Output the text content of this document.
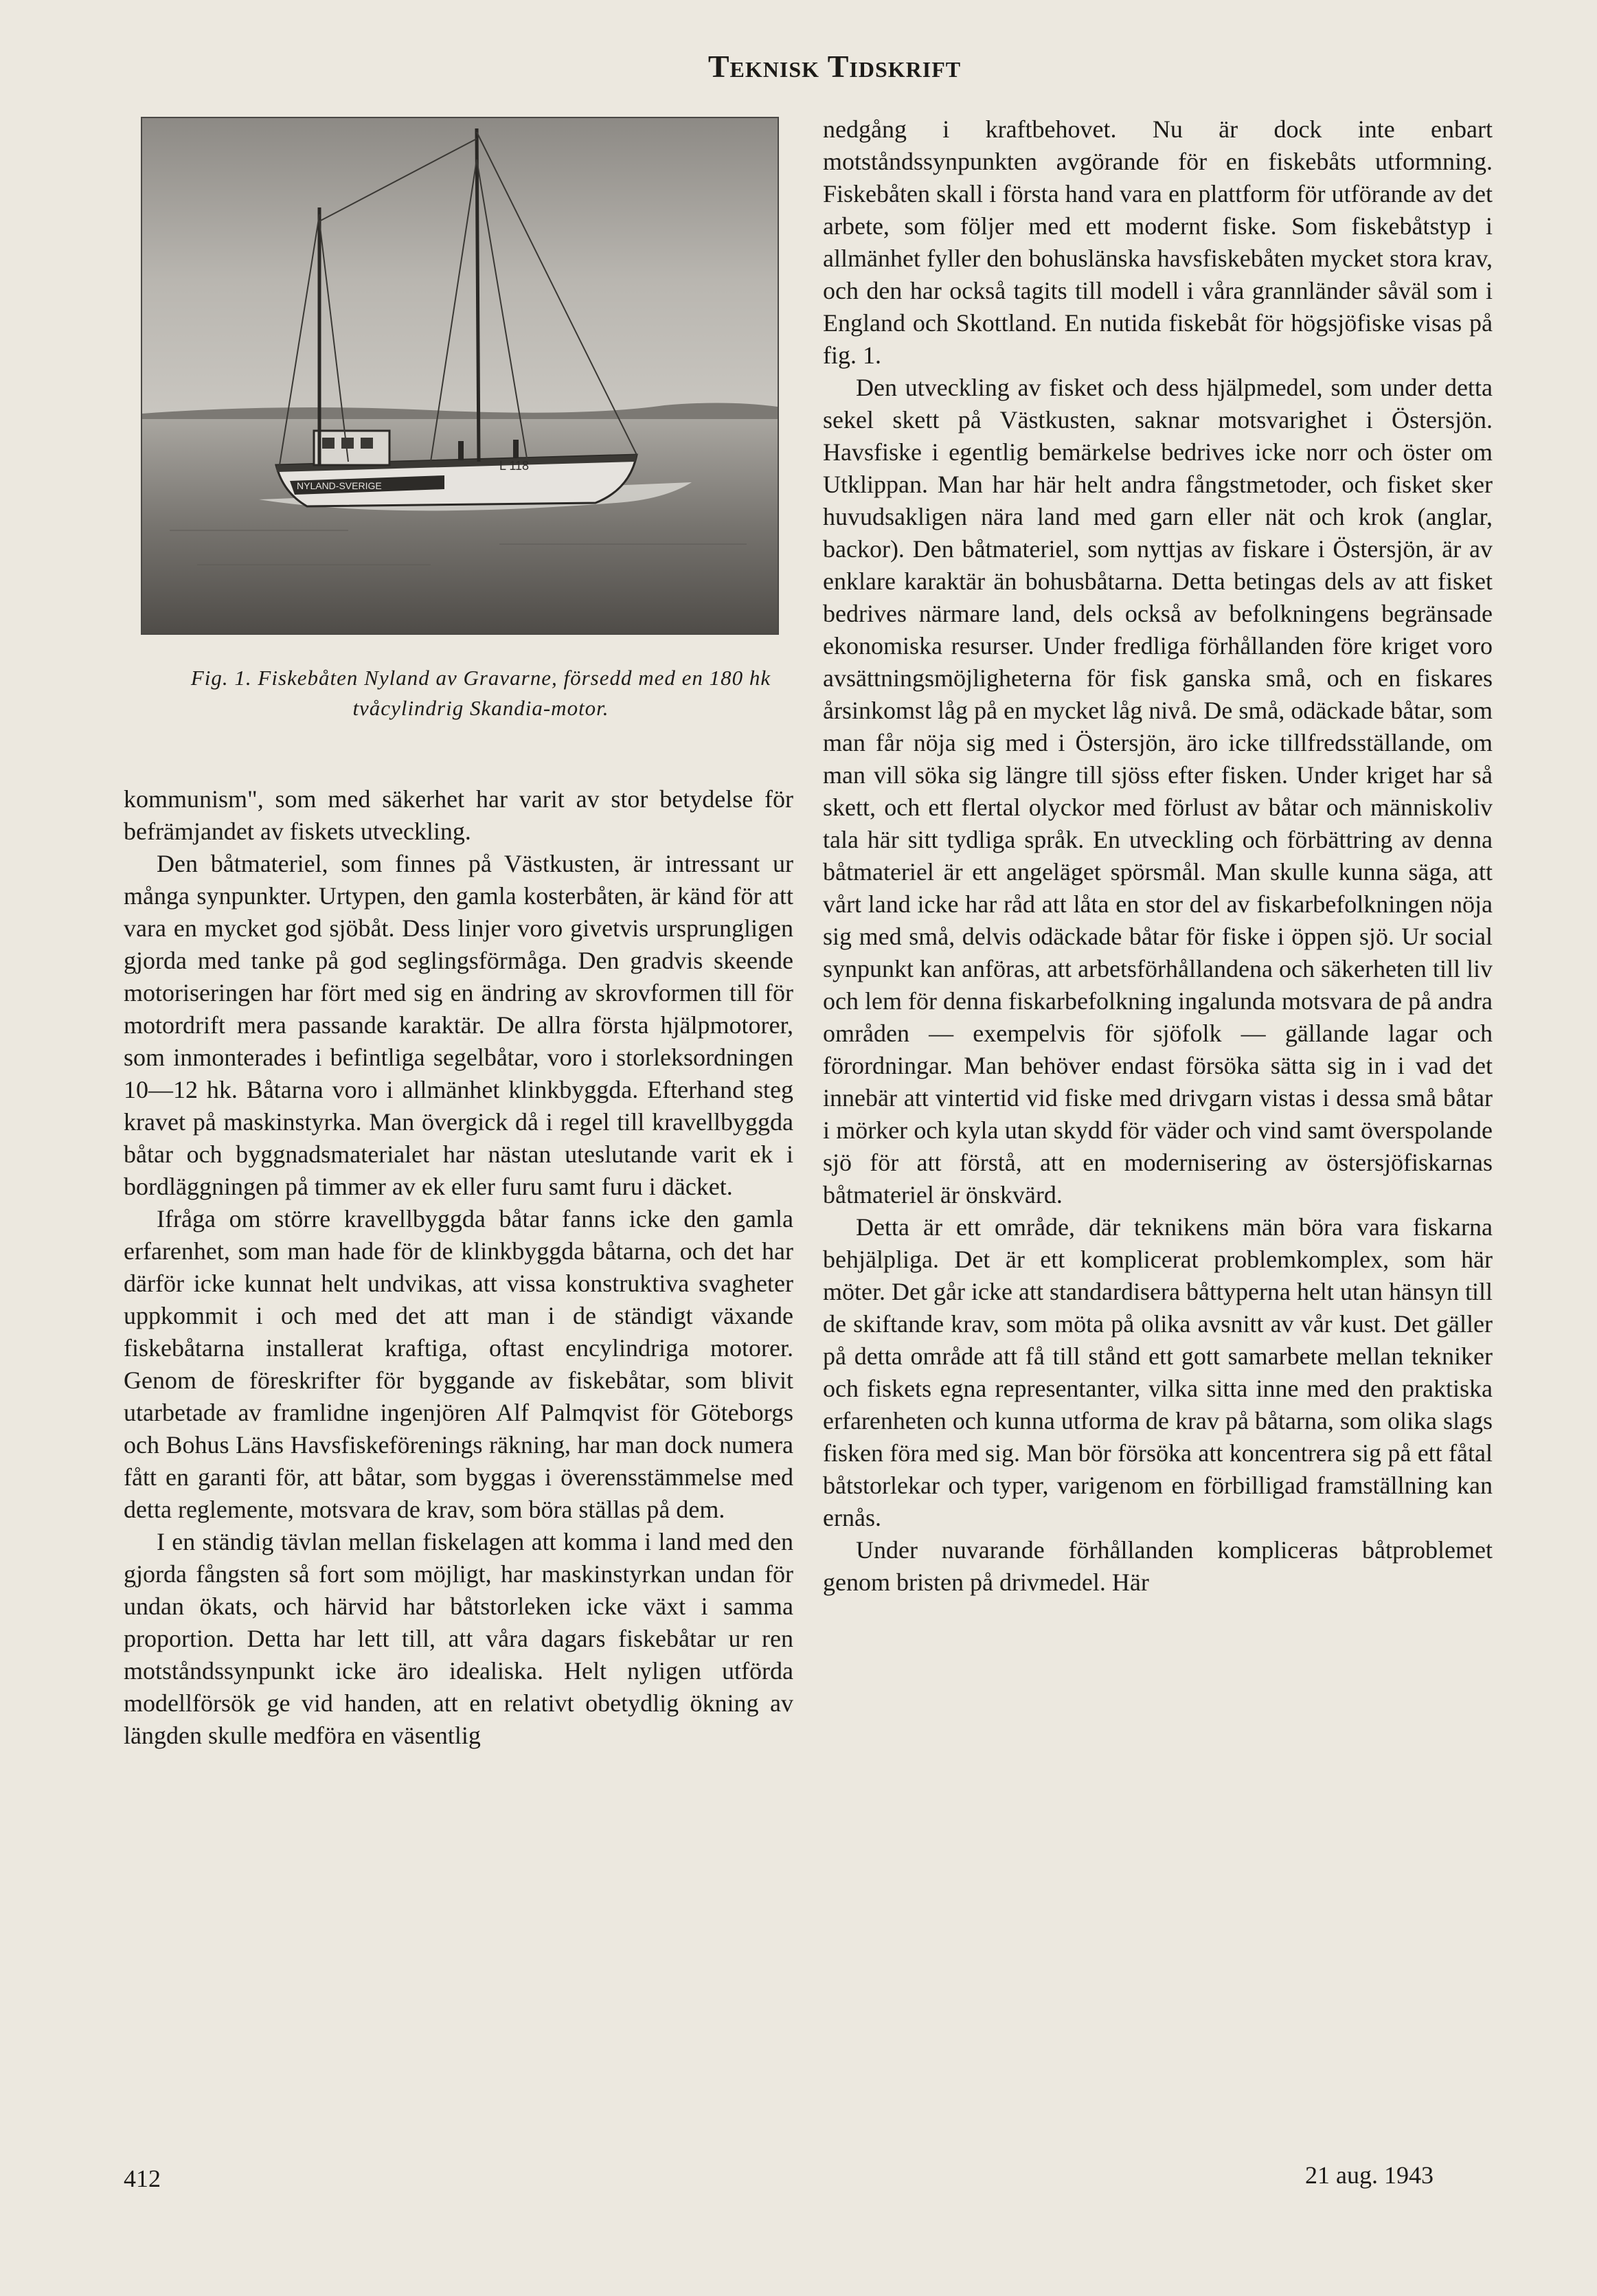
Teknisk Tidskrift
NYLAND-SVERIGE
L 118
Fig. 1. Fiskebåten Nyland av Gravarne, försedd med en 180 hk tvåcylindrig Skandia-motor.

kommunism", som med säkerhet har varit av stor betydelse för befrämjandet av fiskets utveckling.

Den båtmateriel, som finnes på Västkusten, är intressant ur många synpunkter. Urtypen, den gamla kosterbåten, är känd för att vara en mycket god sjöbåt. Dess linjer voro givetvis ursprungligen gjorda med tanke på god seglingsförmåga. Den gradvis skeende motoriseringen har fört med sig en ändring av skrovformen till för motordrift mera passande karaktär. De allra första hjälpmotorer, som inmonterades i befintliga segelbåtar, voro i storleksordningen 10—12 hk. Båtarna voro i allmänhet klinkbyggda. Efterhand steg kravet på maskinstyrka. Man övergick då i regel till kravellbyggda båtar och byggnadsmaterialet har nästan uteslutande varit ek i bordläggningen på timmer av ek eller furu samt furu i däcket.

Ifråga om större kravellbyggda båtar fanns icke den gamla erfarenhet, som man hade för de klinkbyggda båtarna, och det har därför icke kunnat helt undvikas, att vissa konstruktiva svagheter uppkommit i och med det att man i de ständigt växande fiskebåtarna installerat kraftiga, oftast encylindriga motorer. Genom de föreskrifter för byggande av fiskebåtar, som blivit utarbetade av framlidne ingenjören Alf Palmqvist för Göteborgs och Bohus Läns Havsfiskeförenings räkning, har man dock numera fått en garanti för, att båtar, som byggas i överensstämmelse med detta reglemente, motsvara de krav, som böra ställas på dem.

I en ständig tävlan mellan fiskelagen att komma i land med den gjorda fångsten så fort som möjligt, har maskinstyrkan undan för undan ökats, och härvid har båtstorleken icke växt i samma proportion. Detta har lett till, att våra dagars fiskebåtar ur ren motståndssynpunkt icke äro idealiska. Helt nyligen utförda modellförsök ge vid handen, att en relativt obetydlig ökning av längden skulle medföra en väsentlig

nedgång i kraftbehovet. Nu är dock inte enbart motståndssynpunkten avgörande för en fiskebåts utformning. Fiskebåten skall i första hand vara en plattform för utförande av det arbete, som följer med ett modernt fiske. Som fiskebåtstyp i allmänhet fyller den bohuslänska havsfiskebåten mycket stora krav, och den har också tagits till modell i våra grannländer såväl som i England och Skottland. En nutida fiskebåt för högsjöfiske visas på fig. 1.

Den utveckling av fisket och dess hjälpmedel, som under detta sekel skett på Västkusten, saknar motsvarighet i Östersjön. Havsfiske i egentlig bemärkelse bedrives icke norr och öster om Utklippan. Man har här helt andra fångstmetoder, och fisket sker huvudsakligen nära land med garn eller nät och krok (anglar, backor). Den båtmateriel, som nyttjas av fiskare i Östersjön, är av enklare karaktär än bohusbåtarna. Detta betingas dels av att fisket bedrives närmare land, dels också av befolkningens begränsade ekonomiska resurser. Under fredliga förhållanden före kriget voro avsättningsmöjligheterna för fisk ganska små, och en fiskares årsinkomst låg på en mycket låg nivå. De små, odäckade båtar, som man får nöja sig med i Östersjön, äro icke tillfredsställande, om man vill söka sig längre till sjöss efter fisken. Under kriget har så skett, och ett flertal olyckor med förlust av båtar och människoliv tala här sitt tydliga språk. En utveckling och förbättring av denna båtmateriel är ett angeläget spörsmål. Man skulle kunna säga, att vårt land icke har råd att låta en stor del av fiskarbefolkningen nöja sig med små, delvis odäckade båtar för fiske i öppen sjö. Ur social synpunkt kan anföras, att arbetsförhållandena och säkerheten till liv och lem för denna fiskarbefolkning ingalunda motsvara de på andra områden — exempelvis för sjöfolk — gällande lagar och förordningar. Man behöver endast försöka sätta sig in i vad det innebär att vintertid vid fiske med drivgarn vistas i dessa små båtar i mörker och kyla utan skydd för väder och vind samt överspolande sjö för att förstå, att en modernisering av östersjöfiskarnas båtmateriel är önskvärd.

Detta är ett område, där teknikens män böra vara fiskarna behjälpliga. Det är ett komplicerat problemkomplex, som här möter. Det går icke att standardisera båttyperna helt utan hänsyn till de skiftande krav, som möta på olika avsnitt av vår kust. Det gäller på detta område att få till stånd ett gott samarbete mellan tekniker och fiskets egna representanter, vilka sitta inne med den praktiska erfarenheten och kunna utforma de krav på båtarna, som olika slags fisken föra med sig. Man bör försöka att koncentrera sig på ett fåtal båtstorlekar och typer, varigenom en förbilligad framställning kan ernås.

Under nuvarande förhållanden kompliceras båtproblemet genom bristen på drivmedel. Här

412	21 aug. 1943
